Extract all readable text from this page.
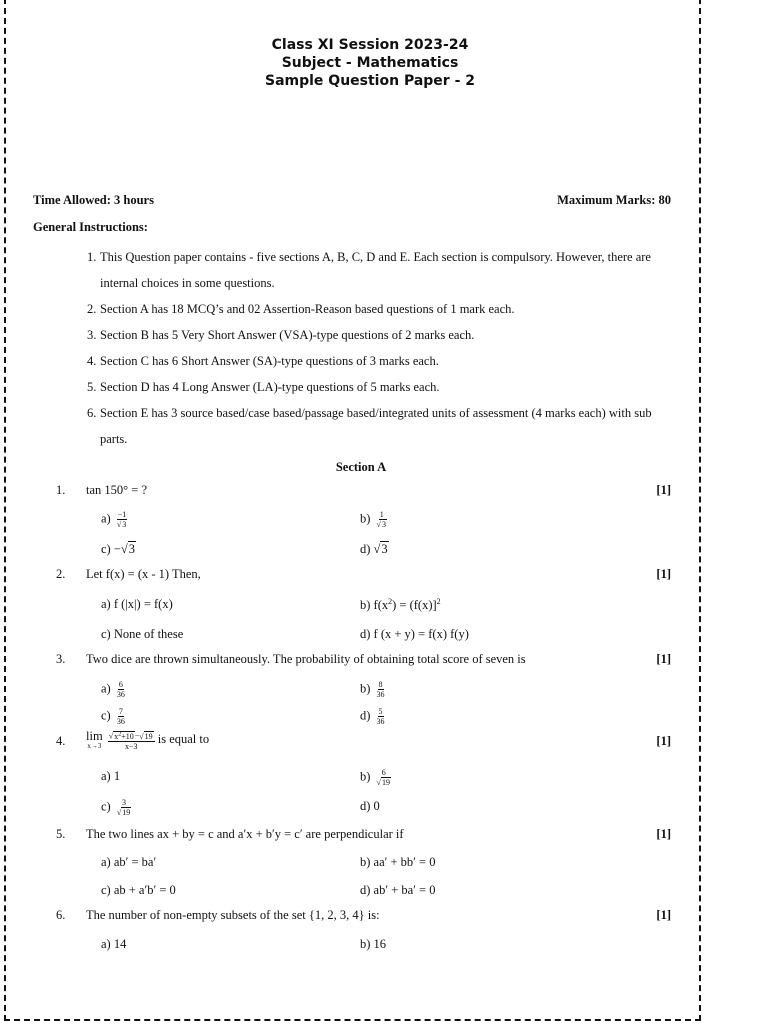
Class XI Session 2023-24
Subject - Mathematics
Sample Question Paper - 2
Time Allowed: 3 hours	Maximum Marks: 80
General Instructions:
1. This Question paper contains - five sections A, B, C, D and E. Each section is compulsory. However, there are
internal choices in some questions.
2. Section A has 18 MCQ’s and 02 Assertion-Reason based questions of 1 mark each.
3. Section B has 5 Very Short Answer (VSA)-type questions of 2 marks each.
4. Section C has 6 Short Answer (SA)-type questions of 3 marks each.
5. Section D has 4 Long Answer (LA)-type questions of 5 marks each.
6. Section E has 3 source based/case based/passage based/integrated units of assessment (4 marks each) with sub
parts.
Section A
1. tan 150° = ?	[1]
$a) \frac{-1}{√3}$	$b) \frac{1}{√3}$
c) −√3	d) √3
2. Let f(x) = (x - 1) Then,	[1]
a) f (|x|) = f(x)	b) $f(x^2) = (f(x)]^2$
c) None of these	d) f (x + y) = f(x) f(y)
3. Two dice are thrown simultaneously. The probability of obtaining total score of seven is	[1]
$a) \frac{6}{36}$	$b) \frac{8}{36}$
$c) \frac{7}{36}$	$d) \frac{5}{36}$
4. lim
x→3
$\frac{√x^2+10-√19}{x-3}$ is equal to	[1]
a) 1	$b) \frac{6}{√19}$
$c) \frac{3}{√19}$	d) 0
5. The two lines ax + by = c and a′x + b′y = c′ are perpendicular if	[1]
a) ab′ = ba′	b) aa′ + bb′ = 0
c) ab + a′b′ = 0	d) ab′ + ba′ = 0
6. The number of non-empty subsets of the set {1, 2, 3, 4} is:	[1]
a) 14	b) 16
